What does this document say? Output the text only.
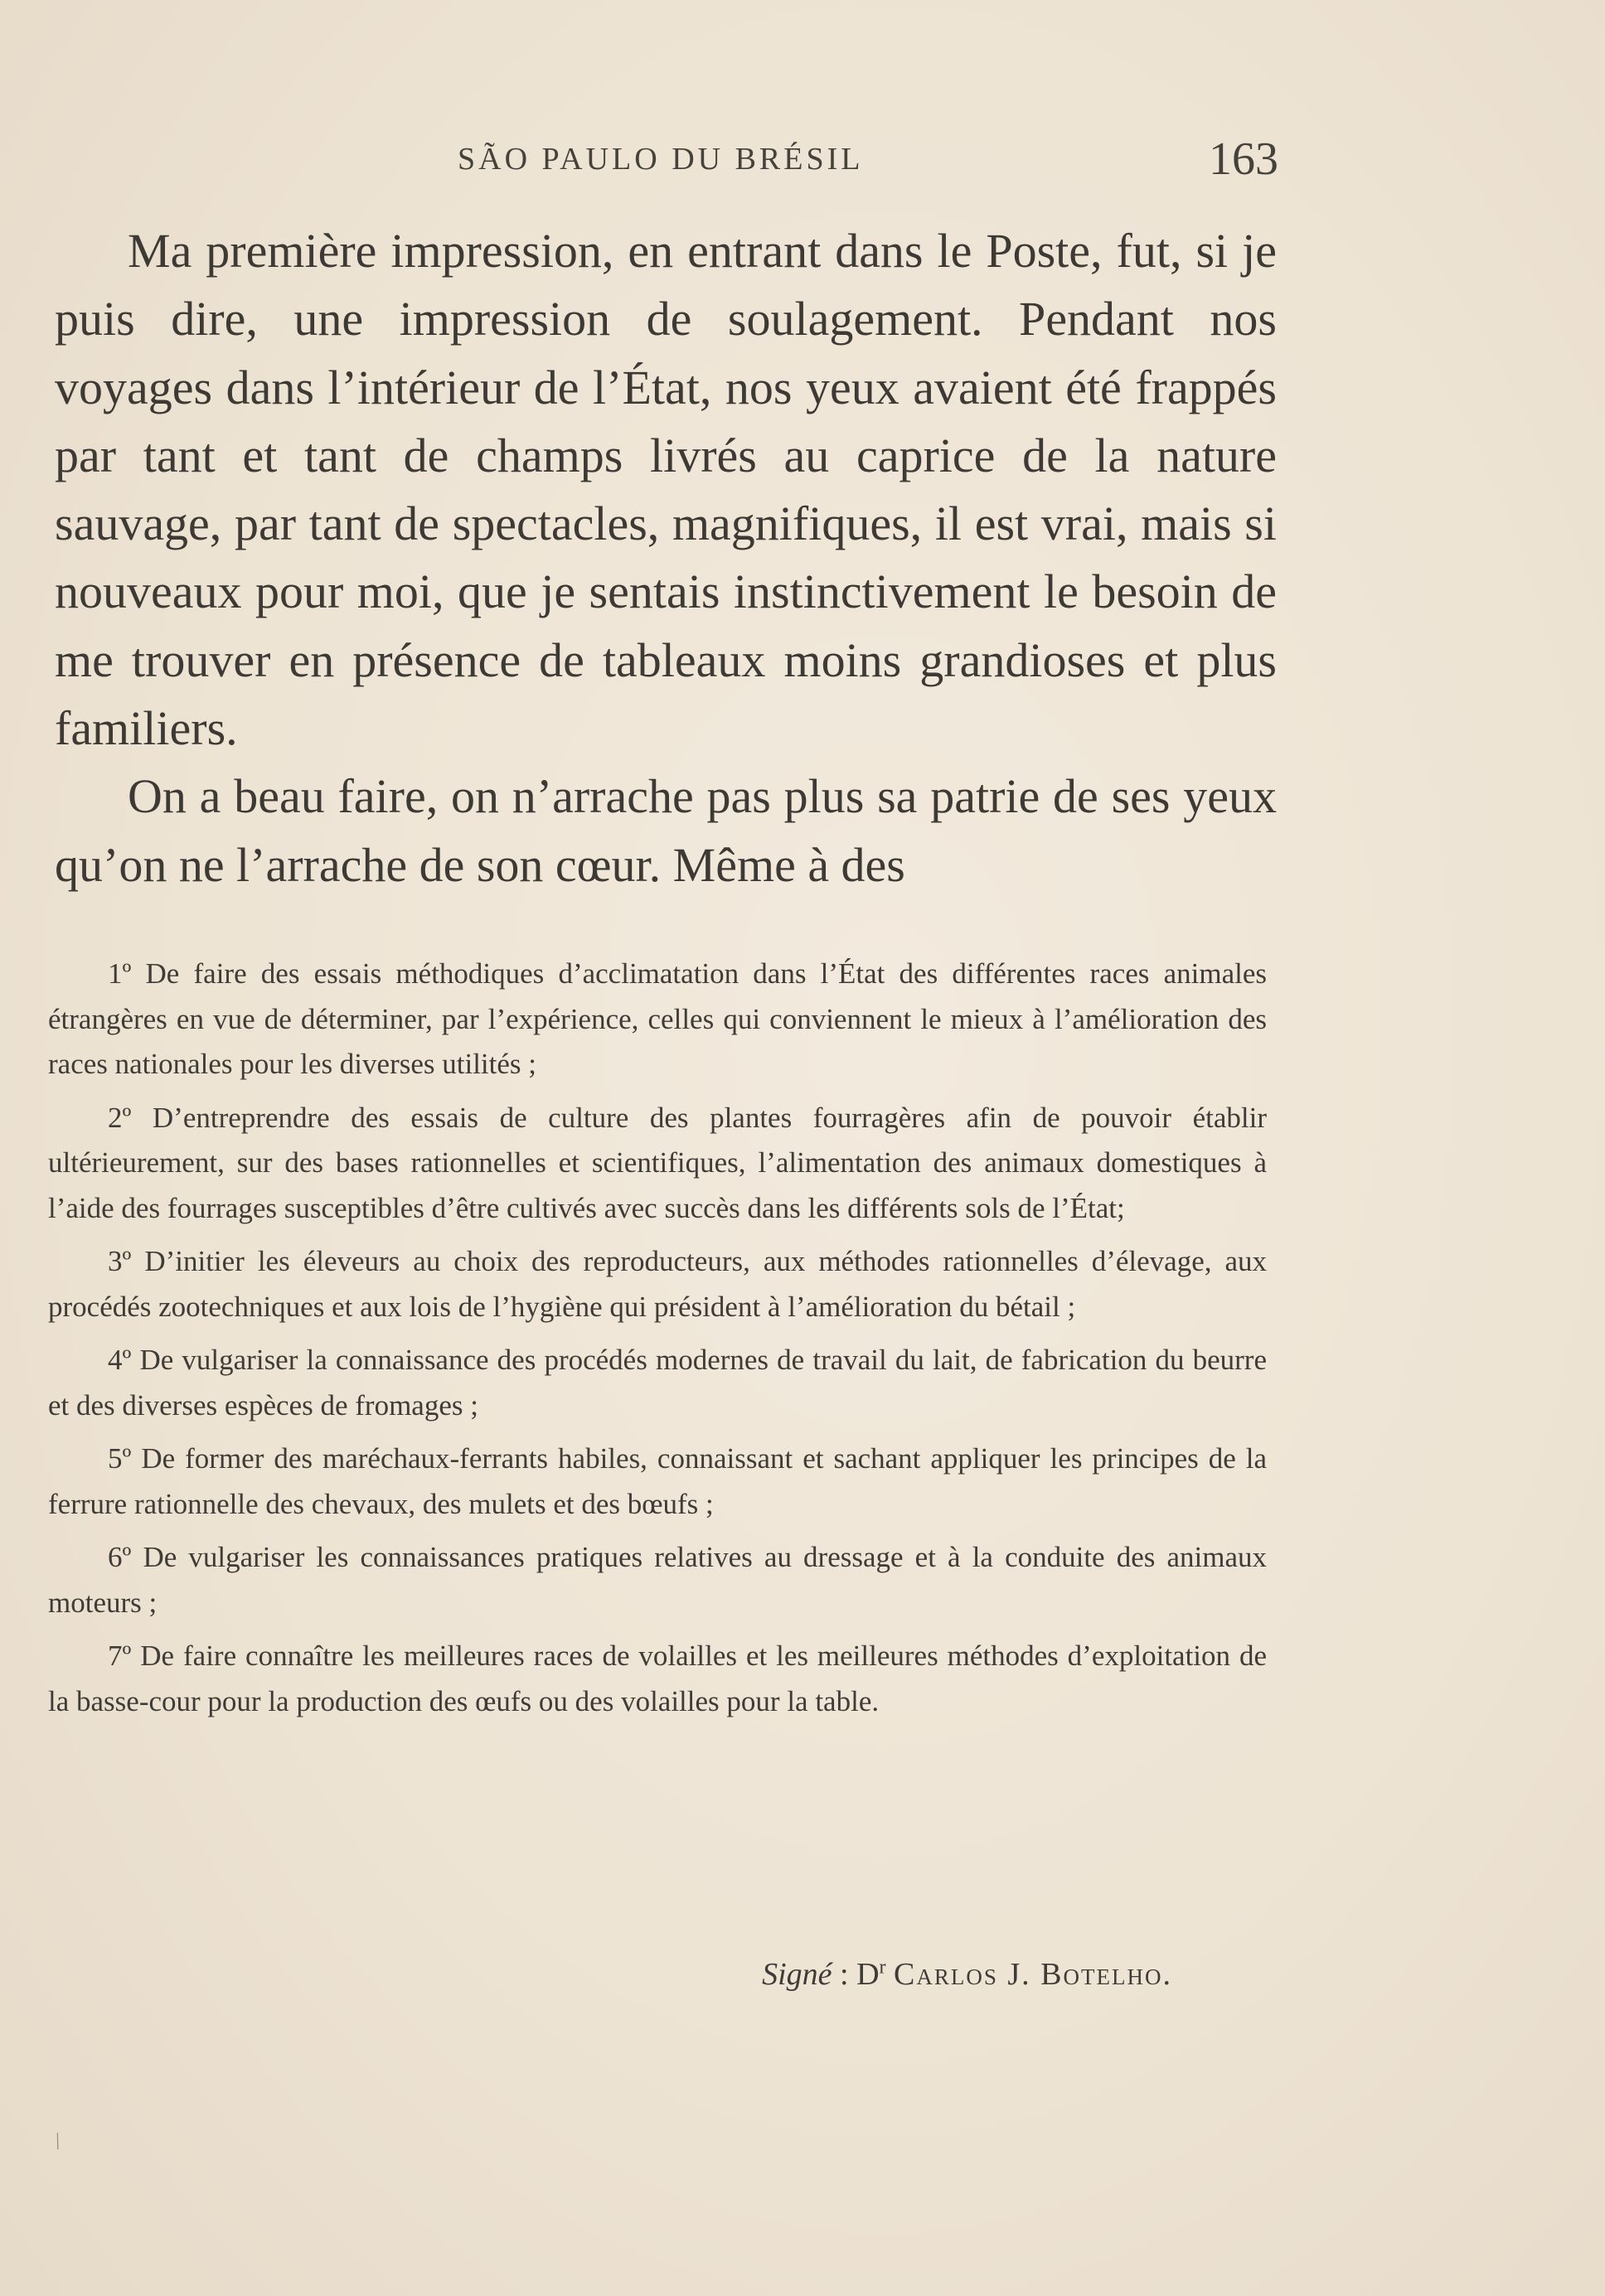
SÃO PAULO DU BRÉSIL	163

Ma première impression, en entrant dans le Poste, fut, si je puis dire, une impression de soulagement. Pendant nos voyages dans l’intérieur de l’État, nos yeux avaient été frappés par tant et tant de champs livrés au caprice de la nature sauvage, par tant de spectacles, magnifiques, il est vrai, mais si nouveaux pour moi, que je sentais instinctivement le besoin de me trouver en présence de tableaux moins grandioses et plus familiers.

On a beau faire, on n’arrache pas plus sa patrie de ses yeux qu’on ne l’arrache de son cœur. Même à des

1º De faire des essais méthodiques d’acclimatation dans l’État des différentes races animales étrangères en vue de déterminer, par l’expérience, celles qui conviennent le mieux à l’amélioration des races nationales pour les diverses utilités ;

2º D’entreprendre des essais de culture des plantes fourragères afin de pouvoir établir ultérieurement, sur des bases rationnelles et scientifiques, l’alimentation des animaux domestiques à l’aide des fourrages susceptibles d’être cultivés avec succès dans les différents sols de l’État;

3º D’initier les éleveurs au choix des reproducteurs, aux méthodes rationnelles d’élevage, aux procédés zootechniques et aux lois de l’hygiène qui président à l’amélioration du bétail ;

4º De vulgariser la connaissance des procédés modernes de travail du lait, de fabrication du beurre et des diverses espèces de fromages ;

5º De former des maréchaux-ferrants habiles, connaissant et sachant appliquer les principes de la ferrure rationnelle des chevaux, des mulets et des bœufs ;

6º De vulgariser les connaissances pratiques relatives au dressage et à la conduite des animaux moteurs ;

7º De faire connaître les meilleures races de volailles et les meilleures méthodes d’exploitation de la basse-cour pour la production des œufs ou des volailles pour la table.

Signé : $D^r$ Carlos J. Botelho.
/
